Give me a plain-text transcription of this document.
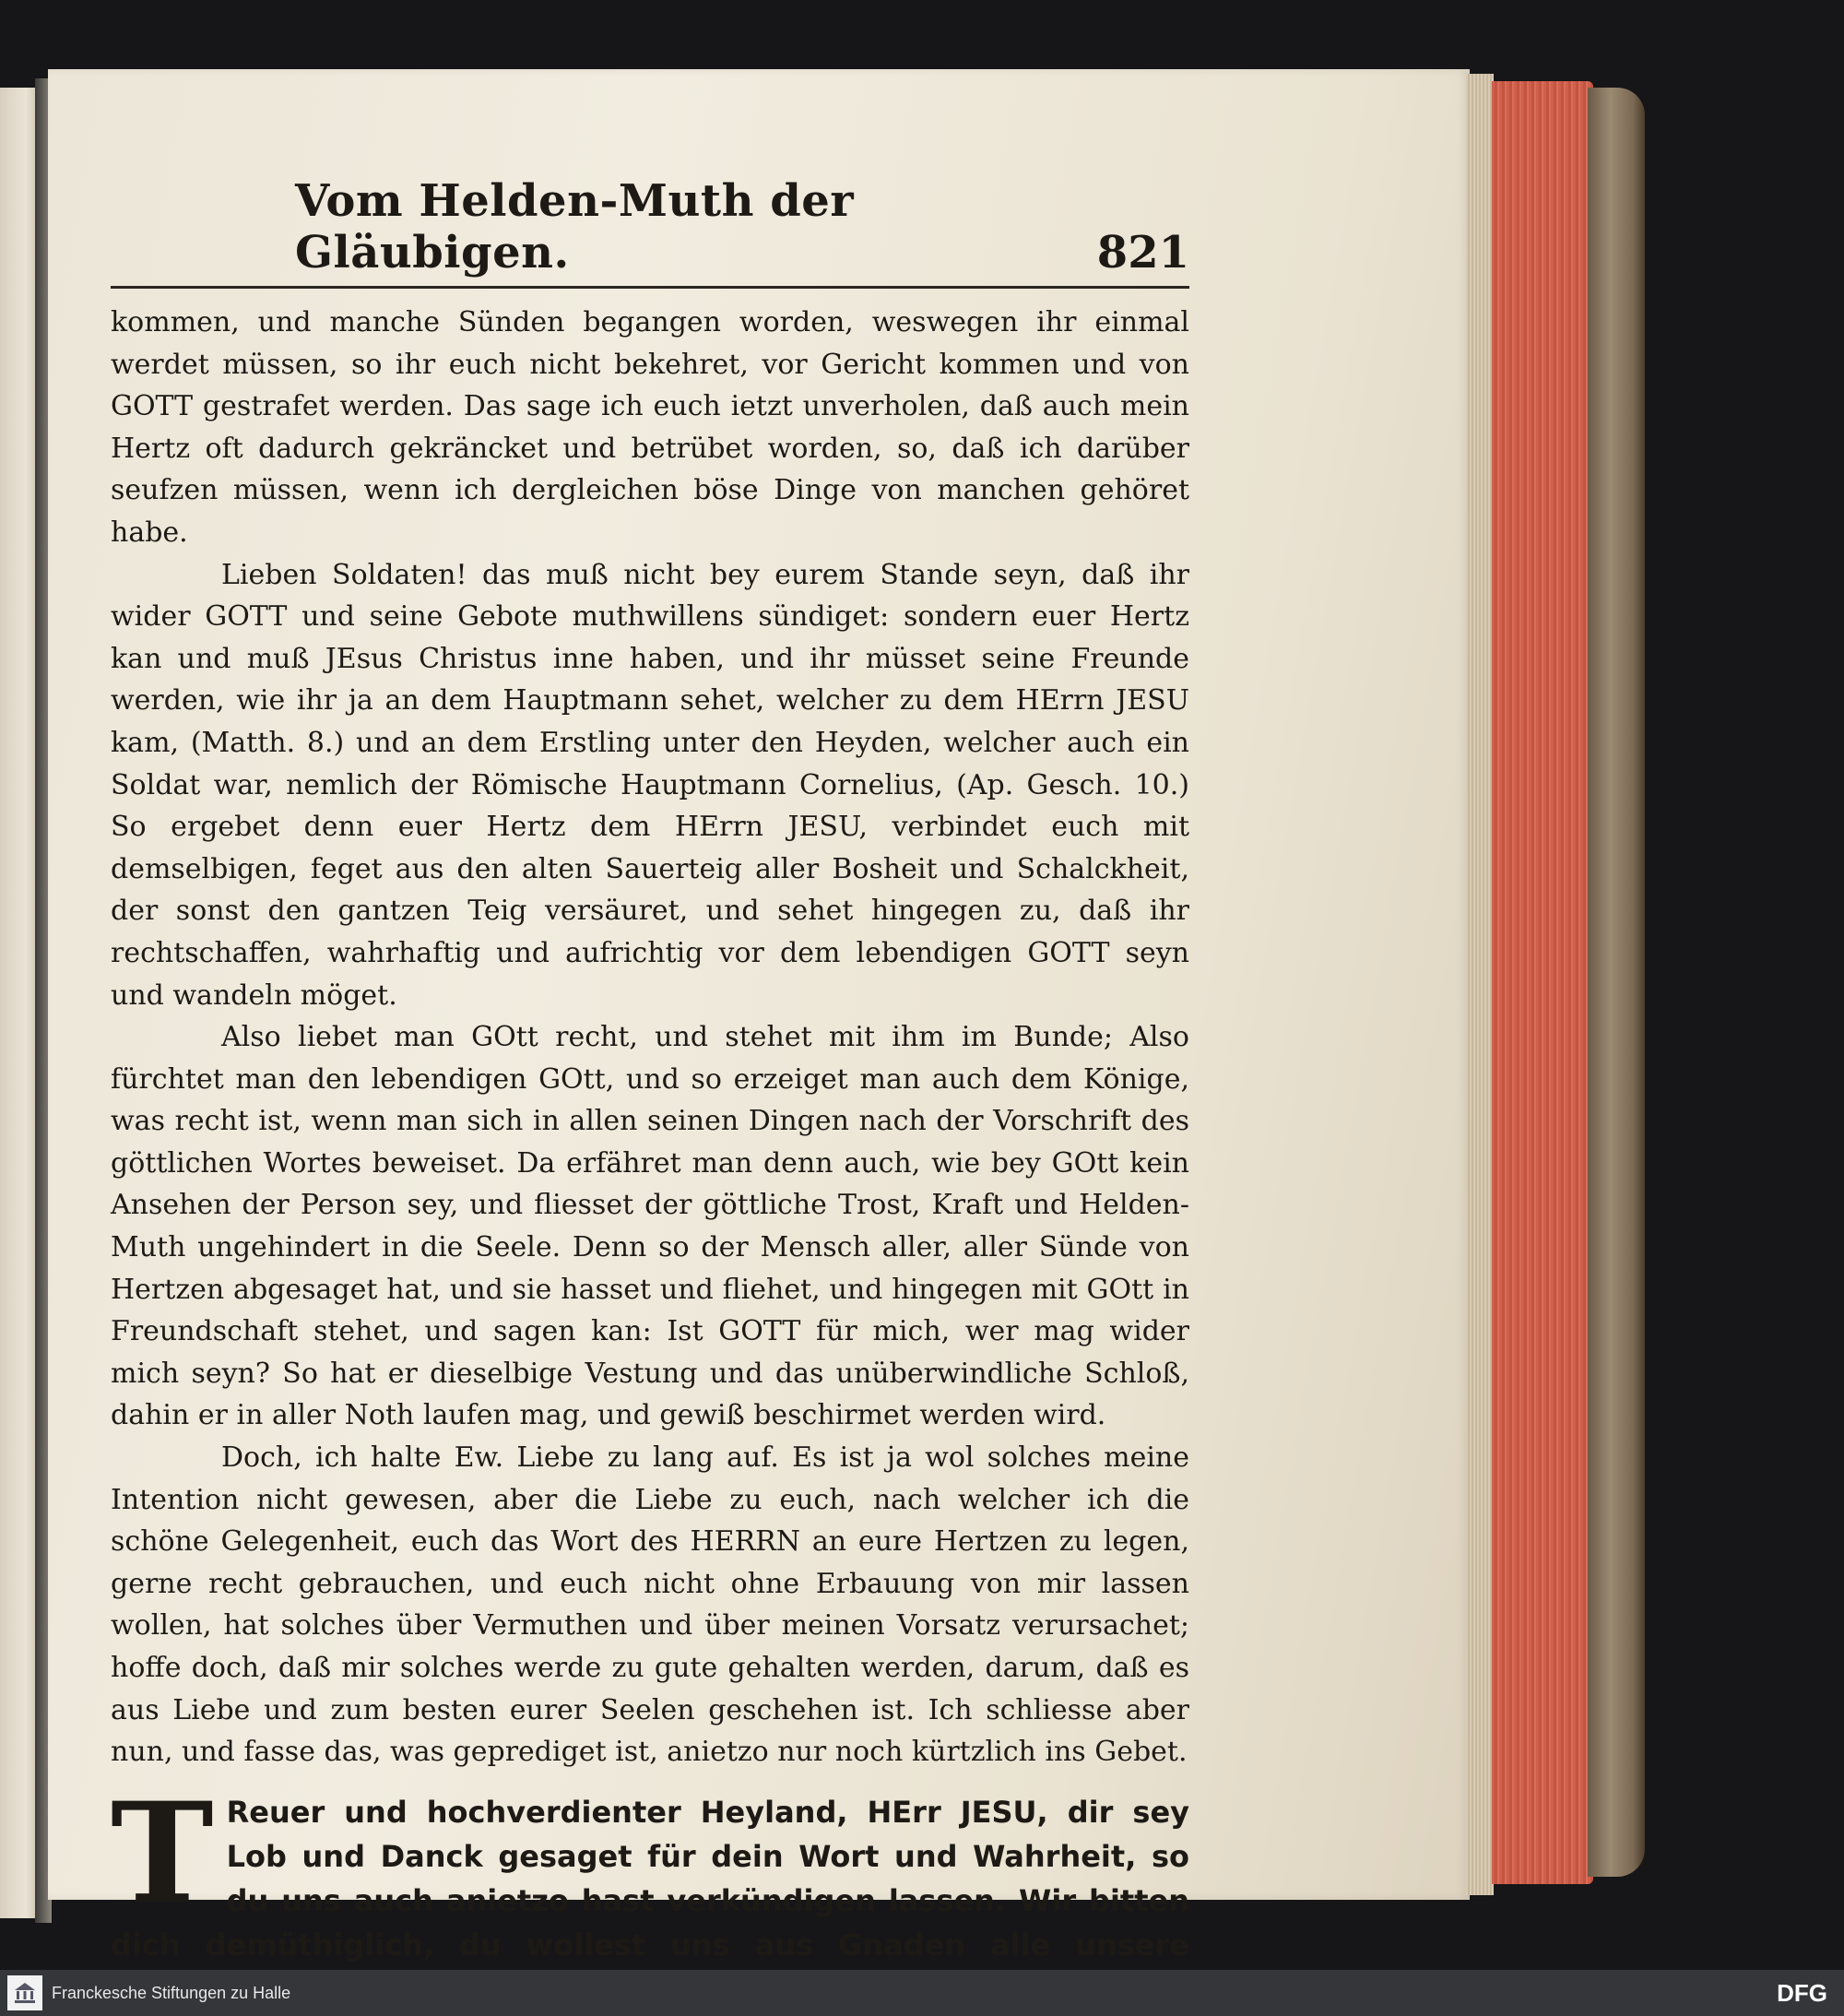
Vom Helden-Muth der Gläubigen.	821

kommen, und manche Sünden begangen worden, weswegen ihr einmal werdet müssen, so ihr euch nicht bekehret, vor Gericht kommen und von GOTT gestrafet werden. Das sage ich euch ietzt unverholen, daß auch mein Hertz oft dadurch gekräncket und betrübet worden, so, daß ich darüber seufzen müssen, wenn ich dergleichen böse Dinge von manchen gehöret habe.

Lieben Soldaten! das muß nicht bey eurem Stande seyn, daß ihr wider GOTT und seine Gebote muthwillens sündiget: sondern euer Hertz kan und muß JEsus Christus inne haben, und ihr müsset seine Freunde werden, wie ihr ja an dem Hauptmann sehet, welcher zu dem HErrn JESU kam, (Matth. 8.) und an dem Erstling unter den Heyden, welcher auch ein Soldat war, nemlich der Römische Hauptmann Cornelius, (Ap. Gesch. 10.) So ergebet denn euer Hertz dem HErrn JESU, verbindet euch mit demselbigen, feget aus den alten Sauerteig aller Bosheit und Schalckheit, der sonst den gantzen Teig versäuret, und sehet hingegen zu, daß ihr rechtschaffen, wahrhaftig und aufrichtig vor dem lebendigen GOTT seyn und wandeln möget.

Also liebet man GOtt recht, und stehet mit ihm im Bunde; Also fürchtet man den lebendigen GOtt, und so erzeiget man auch dem Könige, was recht ist, wenn man sich in allen seinen Dingen nach der Vorschrift des göttlichen Wortes beweiset. Da erfähret man denn auch, wie bey GOtt kein Ansehen der Person sey, und fliesset der göttliche Trost, Kraft und Helden-Muth ungehindert in die Seele. Denn so der Mensch aller, aller Sünde von Hertzen abgesaget hat, und sie hasset und fliehet, und hingegen mit GOtt in Freundschaft stehet, und sagen kan: Ist GOTT für mich, wer mag wider mich seyn? So hat er dieselbige Vestung und das unüberwindliche Schloß, dahin er in aller Noth laufen mag, und gewiß beschirmet werden wird.

Doch, ich halte Ew. Liebe zu lang auf. Es ist ja wol solches meine Intention nicht gewesen, aber die Liebe zu euch, nach welcher ich die schöne Gelegenheit, euch das Wort des HERRN an eure Hertzen zu legen, gerne recht gebrauchen, und euch nicht ohne Erbauung von mir lassen wollen, hat solches über Vermuthen und über meinen Vorsatz verursachet; hoffe doch, daß mir solches werde zu gute gehalten werden, darum, daß es aus Liebe und zum besten eurer Seelen geschehen ist. Ich schliesse aber nun, und fasse das, was geprediget ist, anietzo nur noch kürtzlich ins Gebet.

T Reuer und hochverdienter Heyland, HErr JESU, dir sey Lob und Danck gesaget für dein Wort und Wahrheit, so du uns auch anietzo hast verkündigen lassen. Wir bitten dich demüthiglich, du wollest uns aus Gnaden alle unsere
Franckesche Stiftungen zu Halle	DFG
